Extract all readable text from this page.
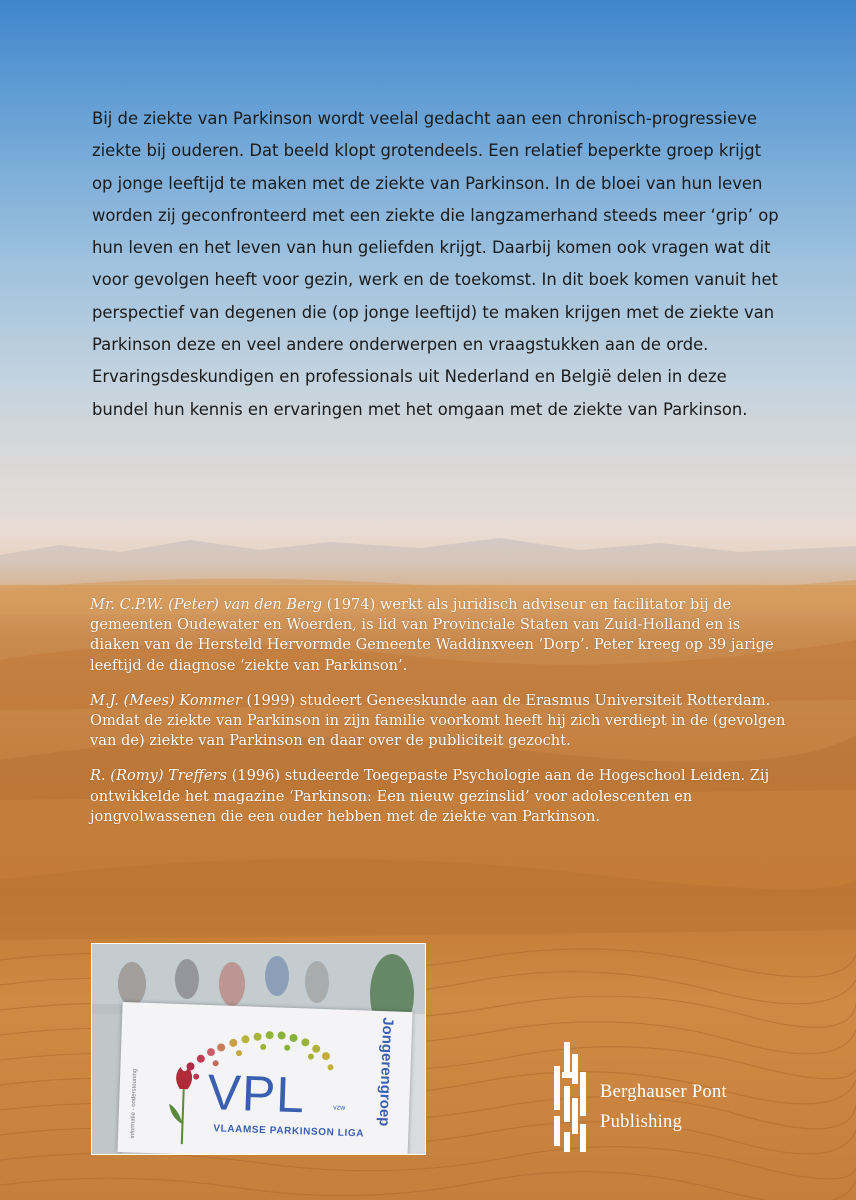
Bij de ziekte van Parkinson wordt veelal gedacht aan een chronisch-progressieve ziekte bij ouderen. Dat beeld klopt grotendeels. Een relatief beperkte groep krijgt op jonge leeftijd te maken met de ziekte van Parkinson. In de bloei van hun leven worden zij geconfronteerd met een ziekte die langzamerhand steeds meer ‘grip’ op hun leven en het leven van hun geliefden krijgt. Daarbij komen ook vragen wat dit voor gevolgen heeft voor gezin, werk en de toekomst. In dit boek komen vanuit het perspectief van degenen die (op jonge leeftijd) te maken krijgen met de ziekte van Parkinson deze en veel andere onderwerpen en vraagstukken aan de orde. Ervaringsdeskundigen en professionals uit Nederland en België delen in deze bundel hun kennis en ervaringen met het omgaan met de ziekte van Parkinson.

Mr. C.P.W. (Peter) van den Berg (1974) werkt als juridisch adviseur en facilitator bij de gemeenten Oudewater en Woerden, is lid van Provinciale Staten van Zuid-Holland en is diaken van de Hersteld Hervormde Gemeente Waddinxveen ‘Dorp’. Peter kreeg op 39 jarige leeftijd de diagnose ‘ziekte van Parkinson’.

M.J. (Mees) Kommer (1999) studeert Geneeskunde aan de Erasmus Universiteit Rotterdam. Omdat de ziekte van Parkinson in zijn familie voorkomt heeft hij zich verdiept in de (gevolgen van de) ziekte van Parkinson en daar over de publiciteit gezocht.

R. (Romy) Treffers (1996) studeerde Toegepaste Psychologie aan de Hogeschool Leiden. Zij ontwikkelde het magazine ‘Parkinson: Een nieuw gezinslid’ voor adolescenten en jongvolwassenen die een ouder hebben met de ziekte van Parkinson.

VPL	vzw
VLAAMSE PARKINSON LIGA
Jongerengroep
informatie - ondersteuning	Berghauser Pont
Publishing
